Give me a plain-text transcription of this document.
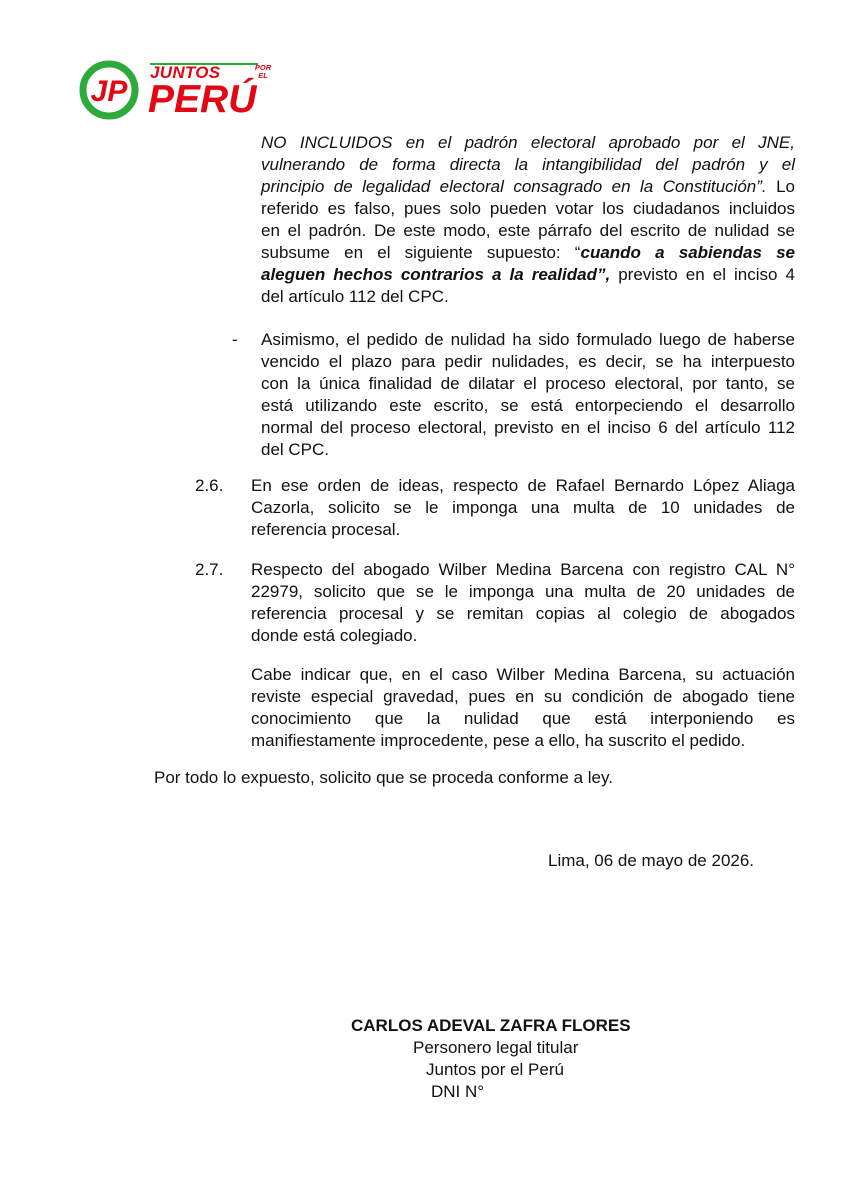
JP
JUNTOS	POR EL
PERÚ
NO INCLUIDOS en el padrón electoral aprobado por el JNE,
vulnerando de forma directa la intangibilidad del padrón y el
principio de legalidad electoral consagrado en la Constitución”. Lo
referido es falso, pues solo pueden votar los ciudadanos incluidos
en el padrón. De este modo, este párrafo del escrito de nulidad se
subsume en el siguiente supuesto: “cuando a sabiendas se
aleguen hechos contrarios a la realidad”, previsto en el inciso 4
del artículo 112 del CPC.
-	Asimismo, el pedido de nulidad ha sido formulado luego de haberse
vencido el plazo para pedir nulidades, es decir, se ha interpuesto
con la única finalidad de dilatar el proceso electoral, por tanto, se
está utilizando este escrito, se está entorpeciendo el desarrollo
normal del proceso electoral, previsto en el inciso 6 del artículo 112
del CPC.
2.6.	En ese orden de ideas, respecto de Rafael Bernardo López Aliaga
Cazorla, solicito se le imponga una multa de 10 unidades de
referencia procesal.
2.7.	Respecto del abogado Wilber Medina Barcena con registro CAL N°
22979, solicito que se le imponga una multa de 20 unidades de
referencia procesal y se remitan copias al colegio de abogados
donde está colegiado.
Cabe indicar que, en el caso Wilber Medina Barcena, su actuación
reviste especial gravedad, pues en su condición de abogado tiene
conocimiento que la nulidad que está interponiendo es
manifiestamente improcedente, pese a ello, ha suscrito el pedido.
Por todo lo expuesto, solicito que se proceda conforme a ley.
Lima, 06 de mayo de 2026.
CARLOS ADEVAL ZAFRA FLORES
Personero legal titular
Juntos por el Perú
DNI N°
